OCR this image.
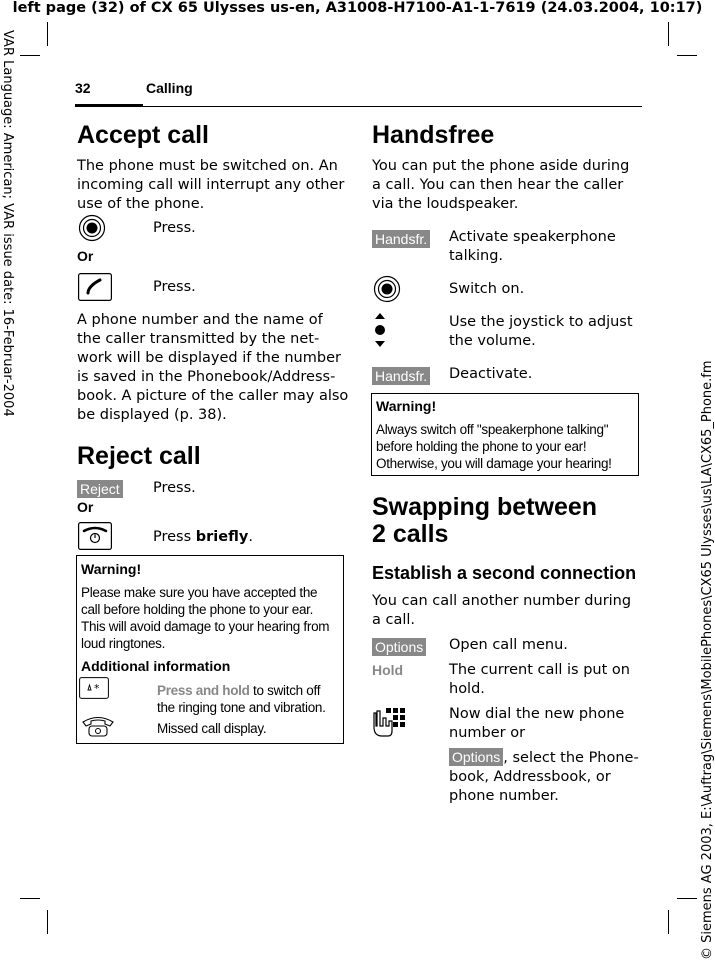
left page (32) of CX 65 Ulysses us-en, A31008-H7100-A1-1-7619 (24.03.2004, 10:17)
VAR Language: American; VAR issue date: 16-Februar-2004
© Siemens AG 2003, E:\Auftrag\Siemens\MobilePhones\CX65 Ulysses\us\LA\CX65_Phone.fm
32	Calling
Accept call
The phone must be switched on. An
incoming call will interrupt any other
use of the phone.
Press.
Or
Press.
A phone number and the name of
the caller transmitted by the net-
work will be displayed if the number
is saved in the Phonebook/Address-
book. A picture of the caller may also
be displayed (p. 38).
Reject call
Reject Press.
Or
Press briefly.
Warning!
Please make sure you have accepted the
call before holding the phone to your ear.
This will avoid damage to your hearing from
loud ringtones.
Additional information
*	Press and hold to switch off
the ringing tone and vibration.
Missed call display.
Handsfree
You can put the phone aside during
a call. You can then hear the caller
via the loudspeaker.
Handsfr. Activate speakerphone
talking.
Switch on.
Use the joystick to adjust
the volume.
Handsfr. Deactivate.
Warning!
Always switch off "speakerphone talking"
before holding the phone to your ear!
Otherwise, you will damage your hearing!
Swapping between
2 calls
Establish a second connection
You can call another number during
a call.
Options Open call menu.
Hold	The current call is put on
hold.
Now dial the new phone
number or
Options , select the Phone-
book, Addressbook, or
phone number.
